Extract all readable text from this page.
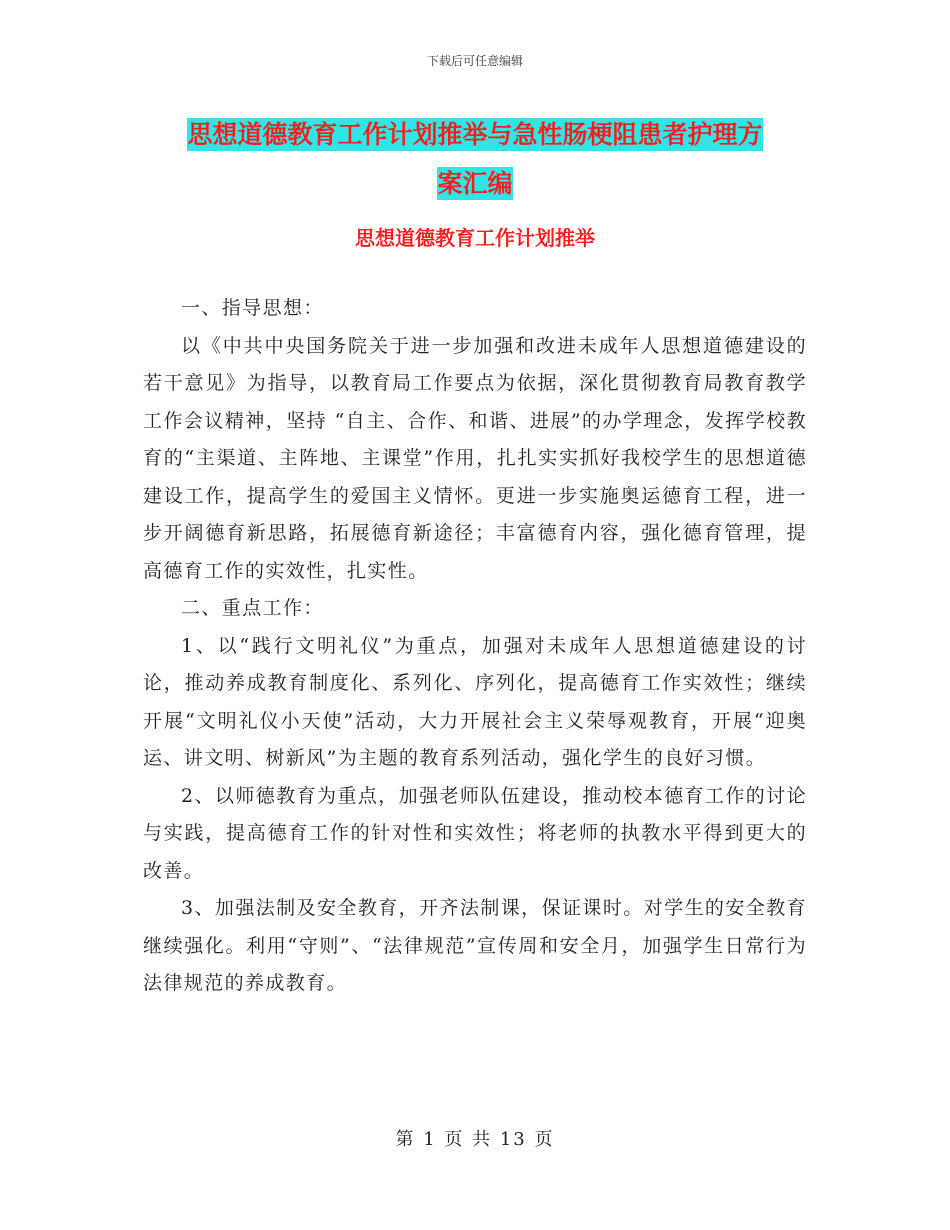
下载后可任意编辑
思想道德教育工作计划推举与急性肠梗阻患者护理方
案汇编
思想道德教育工作计划推举

一、指导思想：

以《中共中央国务院关于进一步加强和改进未成年人思想道德建设的若干意见》为指导，以教育局工作要点为依据，深化贯彻教育局教育教学工作会议精神，坚持 “自主、合作、和谐、进展”的办学理念，发挥学校教育的“主渠道、主阵地、主课堂”作用，扎扎实实抓好我校学生的思想道德建设工作，提高学生的爱国主义情怀。更进一步实施奥运德育工程，进一步开阔德育新思路，拓展德育新途径；丰富德育内容，强化德育管理，提高德育工作的实效性，扎实性。

二、重点工作：

1、以“践行文明礼仪”为重点，加强对未成年人思想道德建设的讨论，推动养成教育制度化、系列化、序列化，提高德育工作实效性；继续开展“文明礼仪小天使”活动，大力开展社会主义荣辱观教育，开展“迎奥运、讲文明、树新风”为主题的教育系列活动，强化学生的良好习惯。

2、以师德教育为重点，加强老师队伍建设，推动校本德育工作的讨论与实践，提高德育工作的针对性和实效性；将老师的执教水平得到更大的改善。

3、加强法制及安全教育，开齐法制课，保证课时。对学生的安全教育继续强化。利用“守则”、“法律规范”宣传周和安全月，加强学生日常行为法律规范的养成教育。

第 1 页 共 13 页
